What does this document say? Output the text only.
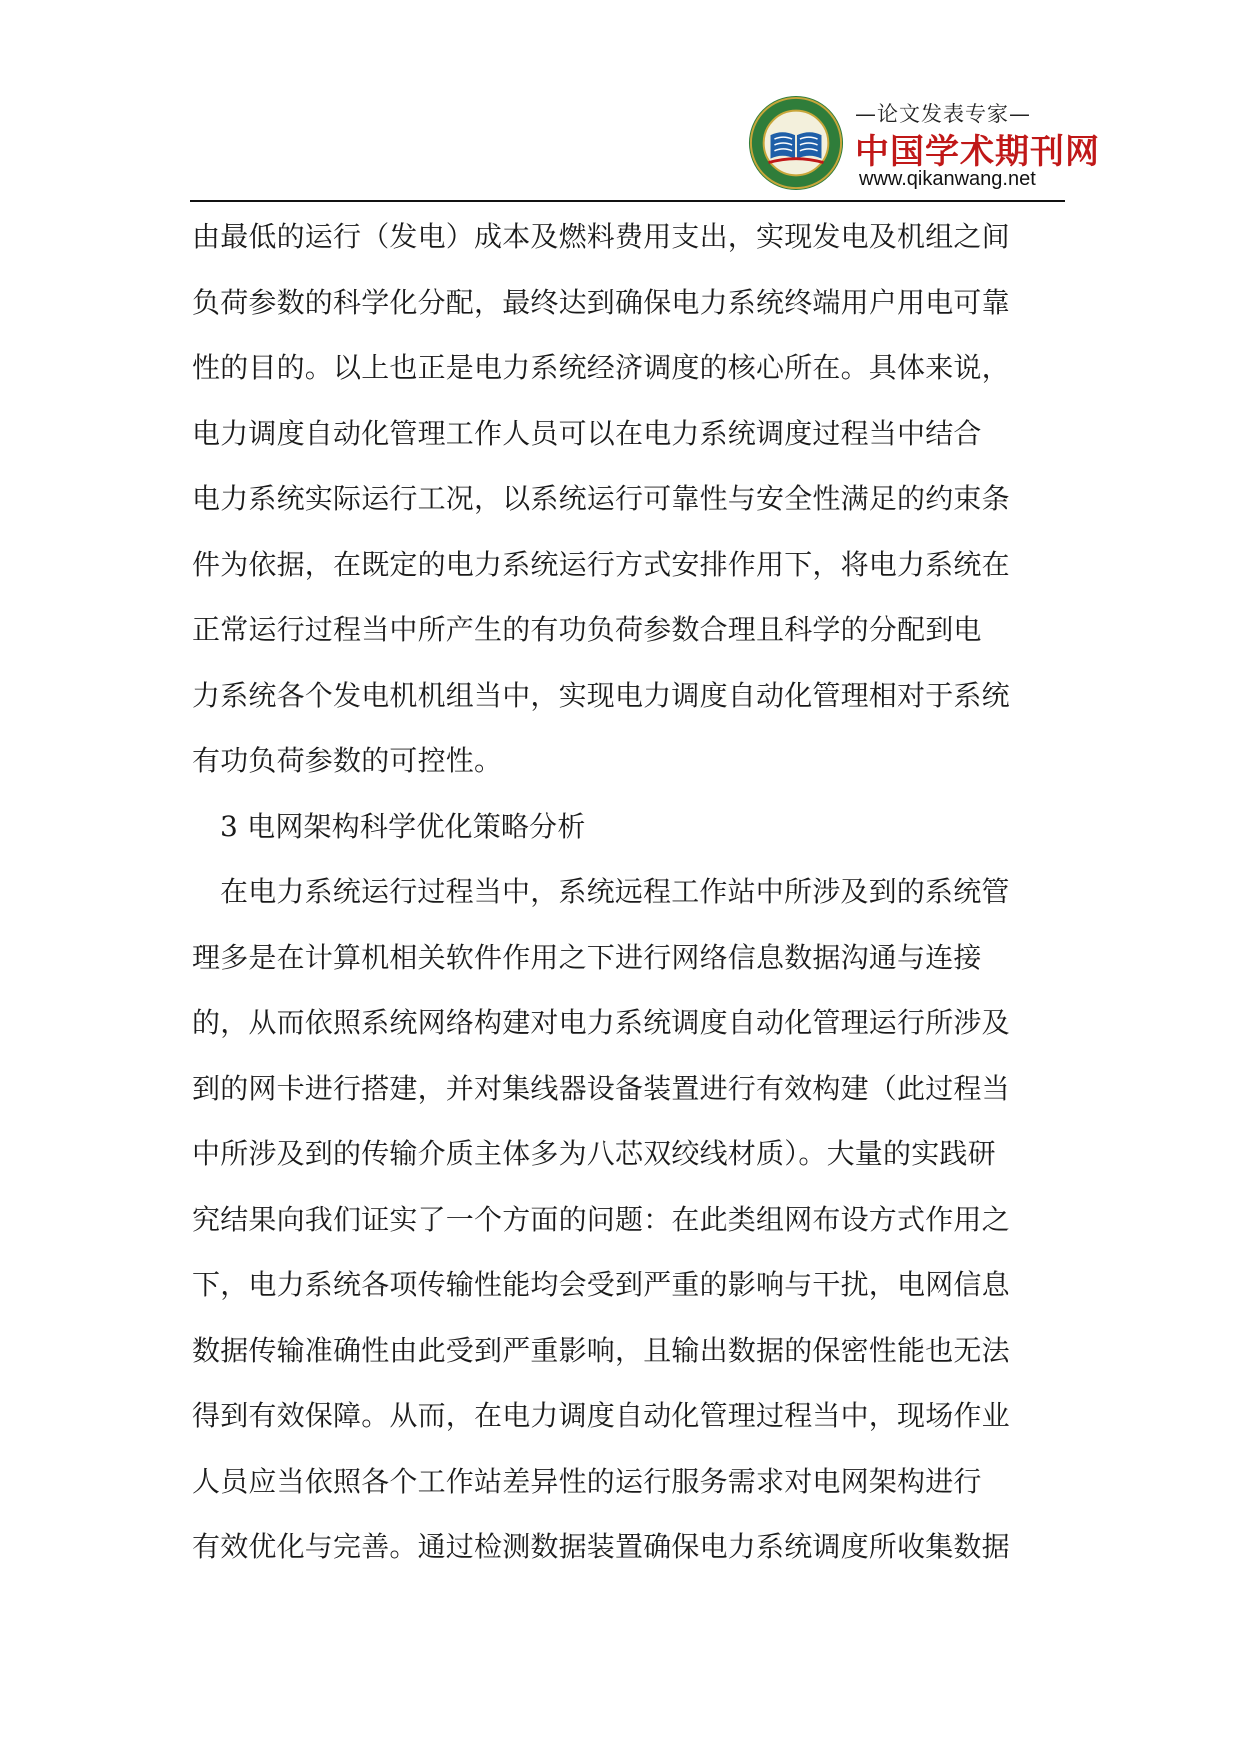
—论文发表专家—
中国学术期刊网
www.qikanwang.net
由最低的运行（发电）成本及燃料费用支出，实现发电及机组之间
负荷参数的科学化分配，最终达到确保电力系统终端用户用电可靠
性的目的。以上也正是电力系统经济调度的核心所在。具体来说，
电力调度自动化管理工作人员可以在电力系统调度过程当中结合
电力系统实际运行工况，以系统运行可靠性与安全性满足的约束条
件为依据，在既定的电力系统运行方式安排作用下，将电力系统在
正常运行过程当中所产生的有功负荷参数合理且科学的分配到电
力系统各个发电机机组当中，实现电力调度自动化管理相对于系统
有功负荷参数的可控性。
3 电网架构科学优化策略分析
在电力系统运行过程当中，系统远程工作站中所涉及到的系统管
理多是在计算机相关软件作用之下进行网络信息数据沟通与连接
的，从而依照系统网络构建对电力系统调度自动化管理运行所涉及
到的网卡进行搭建，并对集线器设备装置进行有效构建（此过程当
中所涉及到的传输介质主体多为八芯双绞线材质）。大量的实践研
究结果向我们证实了一个方面的问题：在此类组网布设方式作用之
下，电力系统各项传输性能均会受到严重的影响与干扰，电网信息
数据传输准确性由此受到严重影响，且输出数据的保密性能也无法
得到有效保障。从而，在电力调度自动化管理过程当中，现场作业
人员应当依照各个工作站差异性的运行服务需求对电网架构进行
有效优化与完善。通过检测数据装置确保电力系统调度所收集数据
